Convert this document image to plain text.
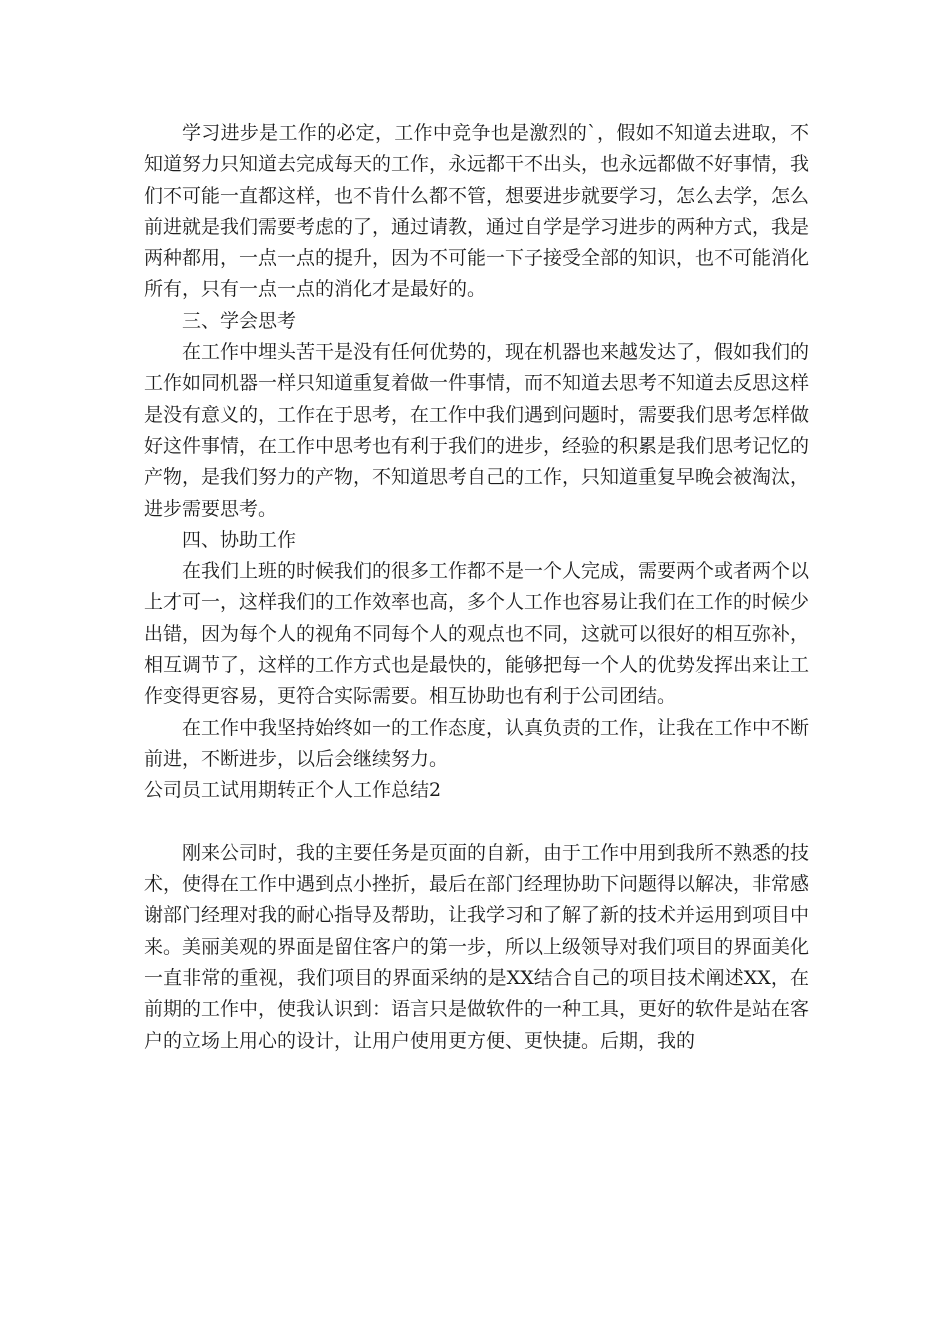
学习进步是工作的必定，工作中竞争也是激烈的`，假如不知道去进取，不知道努力只知道去完成每天的工作，永远都干不出头，也永远都做不好事情，我们不可能一直都这样，也不肯什么都不管，想要进步就要学习，怎么去学，怎么前进就是我们需要考虑的了，通过请教，通过自学是学习进步的两种方式，我是两种都用，一点一点的提升，因为不可能一下子接受全部的知识，也不可能消化所有，只有一点一点的消化才是最好的。

三、学会思考

在工作中埋头苦干是没有任何优势的，现在机器也来越发达了，假如我们的工作如同机器一样只知道重复着做一件事情，而不知道去思考不知道去反思这样是没有意义的，工作在于思考，在工作中我们遇到问题时，需要我们思考怎样做好这件事情，在工作中思考也有利于我们的进步，经验的积累是我们思考记忆的产物，是我们努力的产物，不知道思考自己的工作，只知道重复早晚会被淘汰，进步需要思考。

四、协助工作

在我们上班的时候我们的很多工作都不是一个人完成，需要两个或者两个以上才可一，这样我们的工作效率也高，多个人工作也容易让我们在工作的时候少出错，因为每个人的视角不同每个人的观点也不同，这就可以很好的相互弥补，相互调节了，这样的工作方式也是最快的，能够把每一个人的优势发挥出来让工作变得更容易，更符合实际需要。相互协助也有利于公司团结。

在工作中我坚持始终如一的工作态度，认真负责的工作，让我在工作中不断前进，不断进步，以后会继续努力。

公司员工试用期转正个人工作总结2

刚来公司时，我的主要任务是页面的自新，由于工作中用到我所不熟悉的技术，使得在工作中遇到点小挫折，最后在部门经理协助下问题得以解决，非常感谢部门经理对我的耐心指导及帮助，让我学习和了解了新的技术并运用到项目中来。美丽美观的界面是留住客户的第一步，所以上级领导对我们项目的界面美化一直非常的重视，我们项目的界面采纳的是XX结合自己的项目技术阐述XX，在前期的工作中，使我认识到：语言只是做软件的一种工具，更好的软件是站在客户的立场上用心的设计，让用户使用更方便、更快捷。后期，我的
